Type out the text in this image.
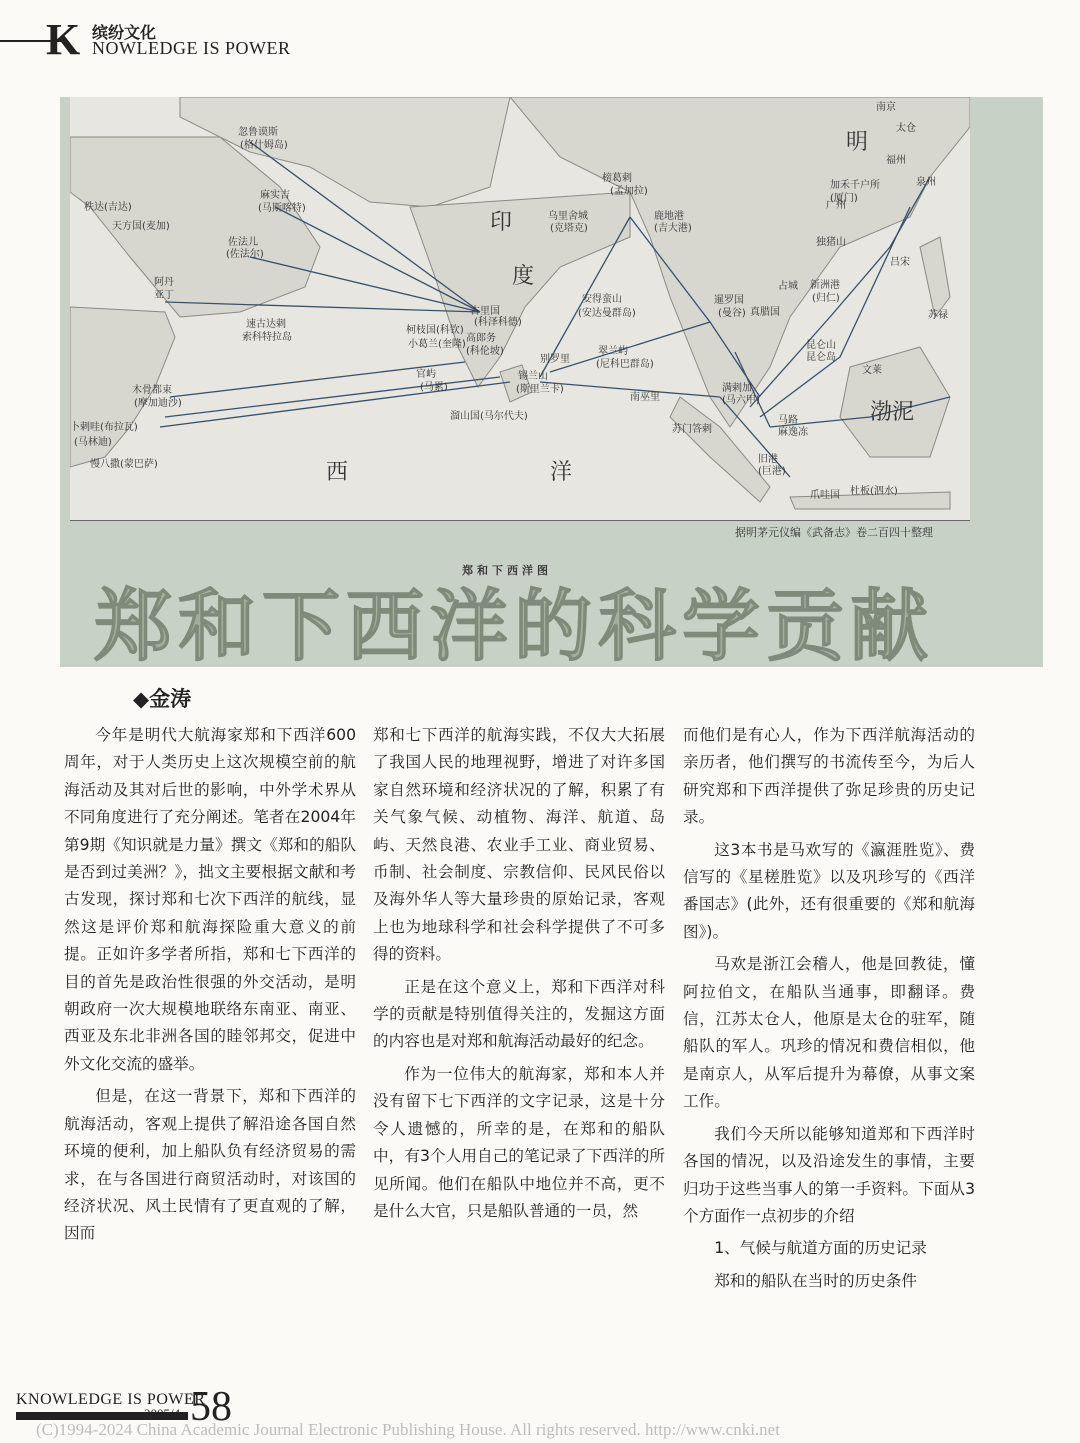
K 缤纷文化
NOWLEDGE IS POWER
忽鲁谟斯
(格什姆岛)
麻实吉
(马斯喀特)
秩达(吉达)
天方国(麦加)
佐法儿
(佐法尔)
阿丹
亚丁
速古达剌
索科特拉岛
木骨都束
(摩加迪沙)
卜剌哇(布拉瓦)
(马林迪)
慢八撒(蒙巴萨)
印
度
古里国
(科泽科德)
柯枝国(科钦)
小葛兰(奎隆)
高郎务
(科伦坡)
官屿
(马累)
溜山国(马尔代夫)
别罗里
锡兰山
(斯里兰卡)
榜葛剌
(孟加拉)
乌里舍城
(克塔克)
鹿地港
(吉大港)
安得蛮山
(安达曼群岛)
翠兰屿
(尼科巴群岛)
南巫里
暹罗国
(曼谷) 真腊国
占城 新洲港
(归仁)
昆仑山
昆仑岛
满剌加
(马六甲)
苏门答剌
旧港
(巨港)
马路
麻逸冻
明
南京
太仓
福州
泉州
广州
加禾千户所
(厦门)
独猪山
吕宋
文莱
渤泥
爪哇国 杜板(泗水)
西	洋
苏禄
据明茅元仪编《武备志》卷二百四十整理
郑和下西洋图
郑和下西洋的科学贡献
◆金涛

今年是明代大航海家郑和下西洋600周年，对于人类历史上这次规模空前的航海活动及其对后世的影响，中外学术界从不同角度进行了充分阐述。笔者在2004年第9期《知识就是力量》撰文《郑和的船队是否到过美洲？》，拙文主要根据文献和考古发现，探讨郑和七次下西洋的航线，显然这是评价郑和航海探险重大意义的前提。正如许多学者所指，郑和七下西洋的目的首先是政治性很强的外交活动，是明朝政府一次大规模地联络东南亚、南亚、西亚及东北非洲各国的睦邻邦交，促进中外文化交流的盛举。

但是，在这一背景下，郑和下西洋的航海活动，客观上提供了解沿途各国自然环境的便利，加上船队负有经济贸易的需求，在与各国进行商贸活动时，对该国的经济状况、风土民情有了更直观的了解，因而

郑和七下西洋的航海实践，不仅大大拓展了我国人民的地理视野，增进了对许多国家自然环境和经济状况的了解，积累了有关气象气候、动植物、海洋、航道、岛屿、天然良港、农业手工业、商业贸易、币制、社会制度、宗教信仰、民风民俗以及海外华人等大量珍贵的原始记录，客观上也为地球科学和社会科学提供了不可多得的资料。

正是在这个意义上，郑和下西洋对科学的贡献是特别值得关注的，发掘这方面的内容也是对郑和航海活动最好的纪念。

作为一位伟大的航海家，郑和本人并没有留下七下西洋的文字记录，这是十分令人遗憾的，所幸的是，在郑和的船队中，有3个人用自己的笔记录了下西洋的所见所闻。他们在船队中地位并不高，更不是什么大官，只是船队普通的一员，然

而他们是有心人，作为下西洋航海活动的亲历者，他们撰写的书流传至今，为后人研究郑和下西洋提供了弥足珍贵的历史记录。

这3本书是马欢写的《瀛涯胜览》、费信写的《星槎胜览》以及巩珍写的《西洋番国志》(此外，还有很重要的《郑和航海图》)。

马欢是浙江会稽人，他是回教徒，懂阿拉伯文，在船队当通事，即翻译。费信，江苏太仓人，他原是太仓的驻军，随船队的军人。巩珍的情况和费信相似，他是南京人，从军后提升为幕僚，从事文案工作。

我们今天所以能够知道郑和下西洋时各国的情况，以及沿途发生的事情，主要归功于这些当事人的第一手资料。下面从3个方面作一点初步的介绍

1、气候与航道方面的历史记录

郑和的船队在当时的历史条件

KNOWLEDGE IS POWER
58
(C)1994-2024 China Academic Journal Electronic Publishing House. All rights reserved. http://www.cnki.net
